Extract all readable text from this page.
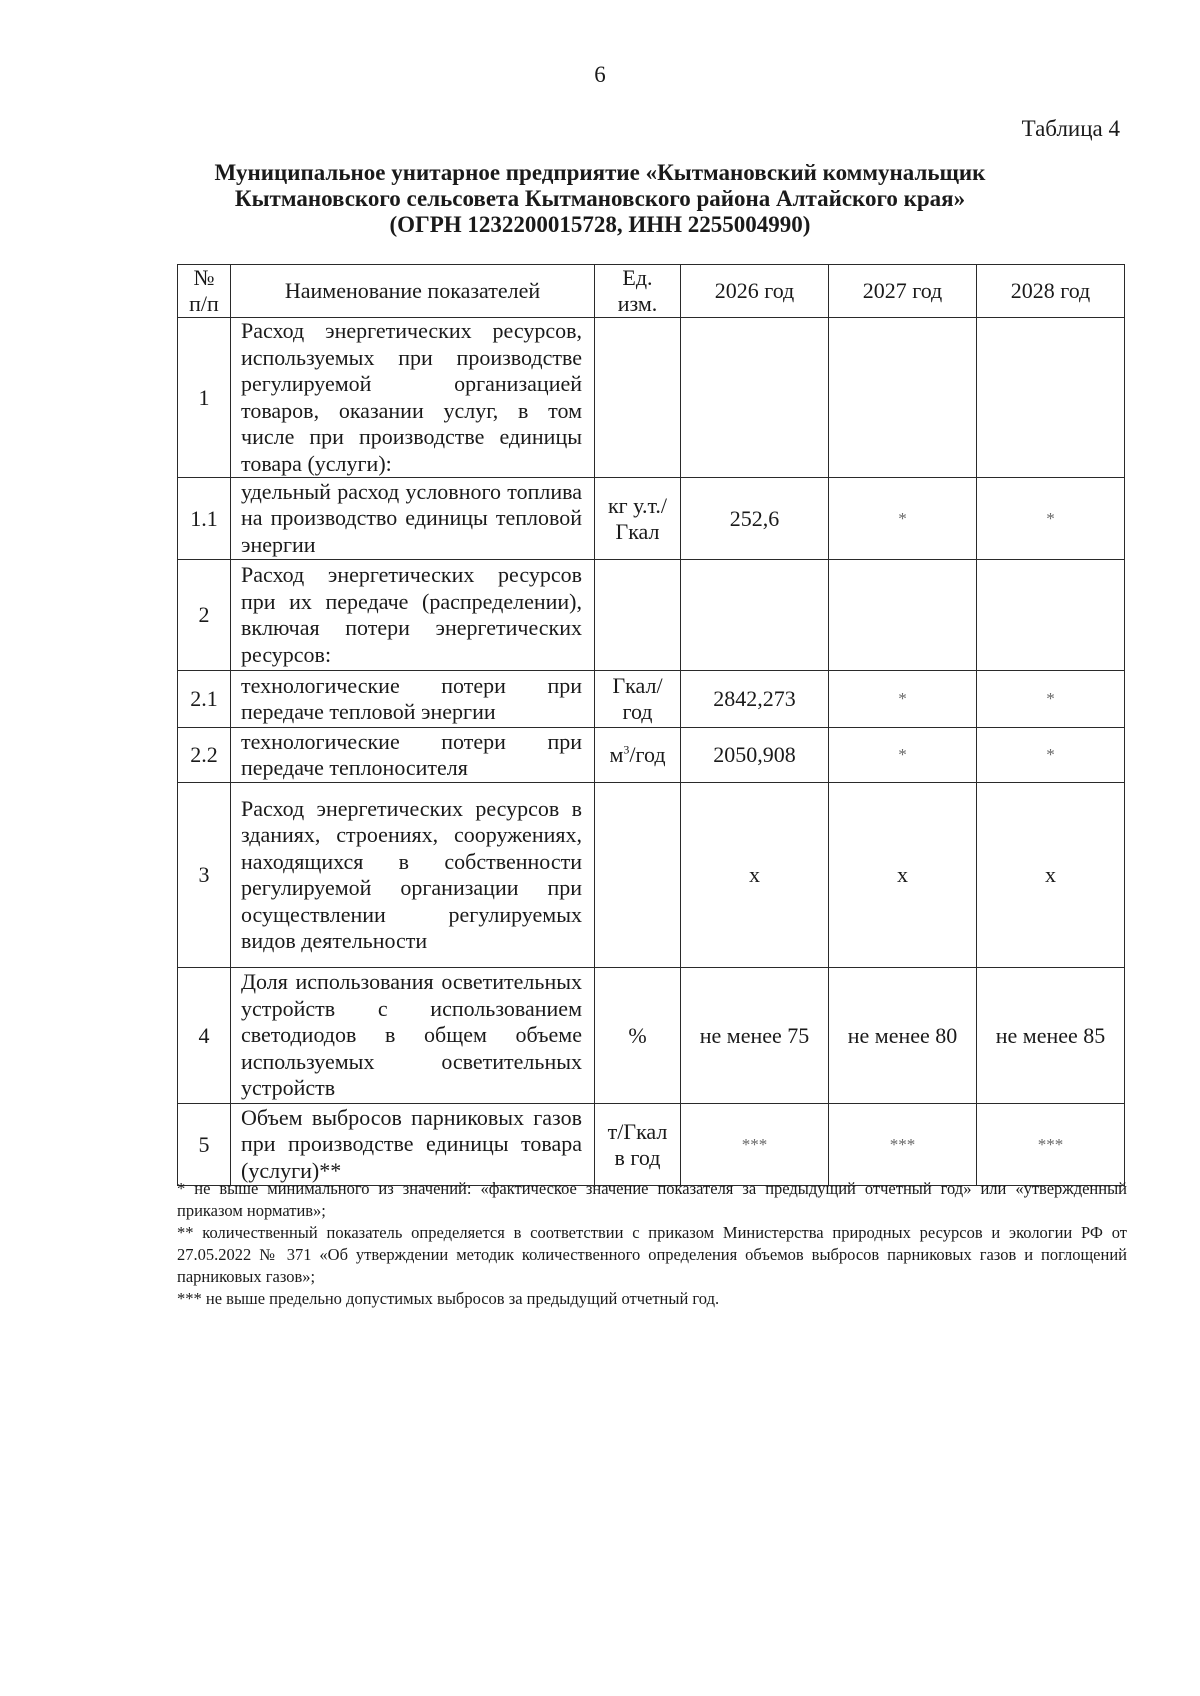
6
Таблица 4
Муниципальное унитарное предприятие «Кытмановский коммунальщик
Кытмановского сельсовета Кытмановского района Алтайского края»
(ОГРН 1232200015728, ИНН 2255004990)
№ п/п	Наименование показателей	Ед. изм.	2026 год	2027 год	2028 год
1	Расход энергетических ресурсов, используемых при производстве регулируемой организацией товаров, оказании услуг, в том числе при производстве единицы товара (услуги):				
1.1	удельный расход условного топлива на производство единицы тепловой энергии	кг у.т./ Гкал	252,6	*	*
2	Расход энергетических ресурсов при их передаче (распределении), включая потери энергетических ресурсов:				
2.1	технологические потери при передаче тепловой энергии	Гкал/ год	2842,273	*	*
2.2	технологические потери при передаче теплоносителя	$м^3$/год	2050,908	*	*
3	Расход энергетических ресурсов в зданиях, строениях, сооружениях, находящихся в собственности регулируемой организации при осуществлении регулируемых видов деятельности		х	х	х
4	Доля использования осветительных устройств с использованием светодиодов в общем объеме используемых осветительных устройств	%	не менее 75	не менее 80	не менее 85
5	Объем выбросов парниковых газов при производстве единицы товара (услуги)**	т/Гкал в год	***	***	***

* не выше минимального из значений: «фактическое значение показателя за предыдущий отчетный год» или «утвержденный приказом норматив»;

** количественный показатель определяется в соответствии с приказом Министерства природных ресурсов и экологии РФ от 27.05.2022 № 371 «Об утверждении методик количественного определения объемов выбросов парниковых газов и поглощений парниковых газов»;

*** не выше предельно допустимых выбросов за предыдущий отчетный год.
